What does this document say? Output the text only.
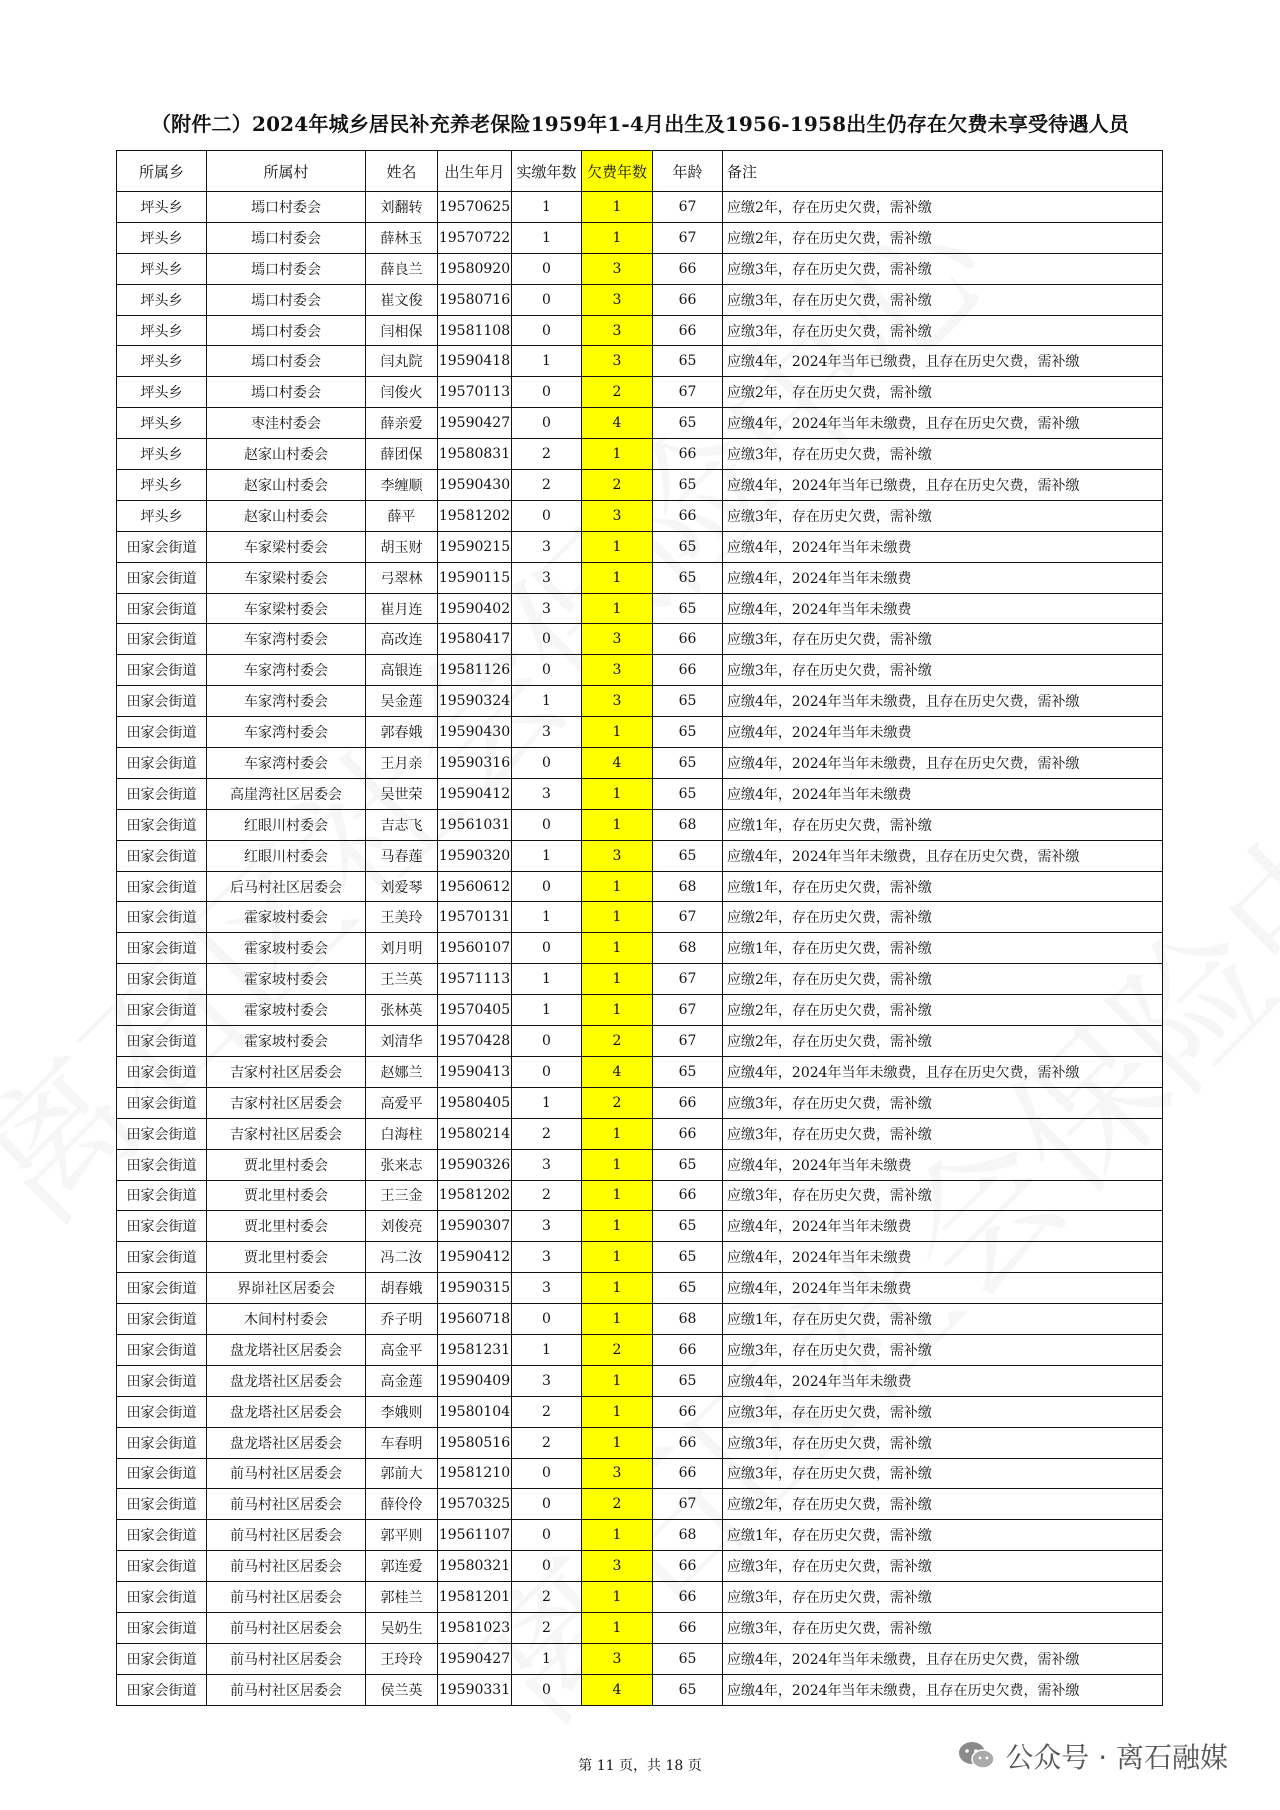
（附件二）2024年城乡居民补充养老保险1959年1-4月出生及1956-1958出生仍存在欠费未享受待遇人员
所属乡	所属村	姓名	出生年月	实缴年数	欠费年数	年龄	备注
坪头乡	墕口村委会	刘翻转	19570625	1	1	67	应缴2年，存在历史欠费，需补缴
坪头乡	墕口村委会	薛林玉	19570722	1	1	67	应缴2年，存在历史欠费，需补缴
坪头乡	墕口村委会	薛良兰	19580920	0	3	66	应缴3年，存在历史欠费，需补缴
坪头乡	墕口村委会	崔文俊	19580716	0	3	66	应缴3年，存在历史欠费，需补缴
坪头乡	墕口村委会	闫相保	19581108	0	3	66	应缴3年，存在历史欠费，需补缴
坪头乡	墕口村委会	闫丸院	19590418	1	3	65	应缴4年，2024年当年已缴费，且存在历史欠费，需补缴
坪头乡	墕口村委会	闫俊火	19570113	0	2	67	应缴2年，存在历史欠费，需补缴
坪头乡	枣洼村委会	薛亲爱	19590427	0	4	65	应缴4年，2024年当年未缴费，且存在历史欠费，需补缴
坪头乡	赵家山村委会	薛团保	19580831	2	1	66	应缴3年，存在历史欠费，需补缴
坪头乡	赵家山村委会	李缠顺	19590430	2	2	65	应缴4年，2024年当年已缴费，且存在历史欠费，需补缴
坪头乡	赵家山村委会	薛平	19581202	0	3	66	应缴3年，存在历史欠费，需补缴
田家会街道	车家梁村委会	胡玉财	19590215	3	1	65	应缴4年，2024年当年未缴费
田家会街道	车家梁村委会	弓翠林	19590115	3	1	65	应缴4年，2024年当年未缴费
田家会街道	车家梁村委会	崔月连	19590402	3	1	65	应缴4年，2024年当年未缴费
田家会街道	车家湾村委会	高改连	19580417	0	3	66	应缴3年，存在历史欠费，需补缴
田家会街道	车家湾村委会	高银连	19581126	0	3	66	应缴3年，存在历史欠费，需补缴
田家会街道	车家湾村委会	吴金莲	19590324	1	3	65	应缴4年，2024年当年未缴费，且存在历史欠费，需补缴
田家会街道	车家湾村委会	郭春娥	19590430	3	1	65	应缴4年，2024年当年未缴费
田家会街道	车家湾村委会	王月亲	19590316	0	4	65	应缴4年，2024年当年未缴费，且存在历史欠费，需补缴
田家会街道	高崖湾社区居委会	吴世荣	19590412	3	1	65	应缴4年，2024年当年未缴费
田家会街道	红眼川村委会	吉志飞	19561031	0	1	68	应缴1年，存在历史欠费，需补缴
田家会街道	红眼川村委会	马春莲	19590320	1	3	65	应缴4年，2024年当年未缴费，且存在历史欠费，需补缴
田家会街道	后马村社区居委会	刘爱琴	19560612	0	1	68	应缴1年，存在历史欠费，需补缴
田家会街道	霍家坡村委会	王美玲	19570131	1	1	67	应缴2年，存在历史欠费，需补缴
田家会街道	霍家坡村委会	刘月明	19560107	0	1	68	应缴1年，存在历史欠费，需补缴
田家会街道	霍家坡村委会	王兰英	19571113	1	1	67	应缴2年，存在历史欠费，需补缴
田家会街道	霍家坡村委会	张林英	19570405	1	1	67	应缴2年，存在历史欠费，需补缴
田家会街道	霍家坡村委会	刘清华	19570428	0	2	67	应缴2年，存在历史欠费，需补缴
田家会街道	吉家村社区居委会	赵娜兰	19590413	0	4	65	应缴4年，2024年当年未缴费，且存在历史欠费，需补缴
田家会街道	吉家村社区居委会	高爱平	19580405	1	2	66	应缴3年，存在历史欠费，需补缴
田家会街道	吉家村社区居委会	白海柱	19580214	2	1	66	应缴3年，存在历史欠费，需补缴
田家会街道	贾北里村委会	张来志	19590326	3	1	65	应缴4年，2024年当年未缴费
田家会街道	贾北里村委会	王三金	19581202	2	1	66	应缴3年，存在历史欠费，需补缴
田家会街道	贾北里村委会	刘俊亮	19590307	3	1	65	应缴4年，2024年当年未缴费
田家会街道	贾北里村委会	冯二汝	19590412	3	1	65	应缴4年，2024年当年未缴费
田家会街道	界峁社区居委会	胡春娥	19590315	3	1	65	应缴4年，2024年当年未缴费
田家会街道	木间村村委会	乔子明	19560718	0	1	68	应缴1年，存在历史欠费，需补缴
田家会街道	盘龙塔社区居委会	高金平	19581231	1	2	66	应缴3年，存在历史欠费，需补缴
田家会街道	盘龙塔社区居委会	高金莲	19590409	3	1	65	应缴4年，2024年当年未缴费
田家会街道	盘龙塔社区居委会	李娥则	19580104	2	1	66	应缴3年，存在历史欠费，需补缴
田家会街道	盘龙塔社区居委会	车春明	19580516	2	1	66	应缴3年，存在历史欠费，需补缴
田家会街道	前马村社区居委会	郭前大	19581210	0	3	66	应缴3年，存在历史欠费，需补缴
田家会街道	前马村社区居委会	薛伶伶	19570325	0	2	67	应缴2年，存在历史欠费，需补缴
田家会街道	前马村社区居委会	郭平则	19561107	0	1	68	应缴1年，存在历史欠费，需补缴
田家会街道	前马村社区居委会	郭连爱	19580321	0	3	66	应缴3年，存在历史欠费，需补缴
田家会街道	前马村社区居委会	郭桂兰	19581201	2	1	66	应缴3年，存在历史欠费，需补缴
田家会街道	前马村社区居委会	吴奶生	19581023	2	1	66	应缴3年，存在历史欠费，需补缴
田家会街道	前马村社区居委会	王玲玲	19590427	1	3	65	应缴4年，2024年当年未缴费，且存在历史欠费，需补缴
田家会街道	前马村社区居委会	侯兰英	19590331	0	4	65	应缴4年，2024年当年未缴费，且存在历史欠费，需补缴
第 11 页，共 18 页	公众号 · 离石融媒
